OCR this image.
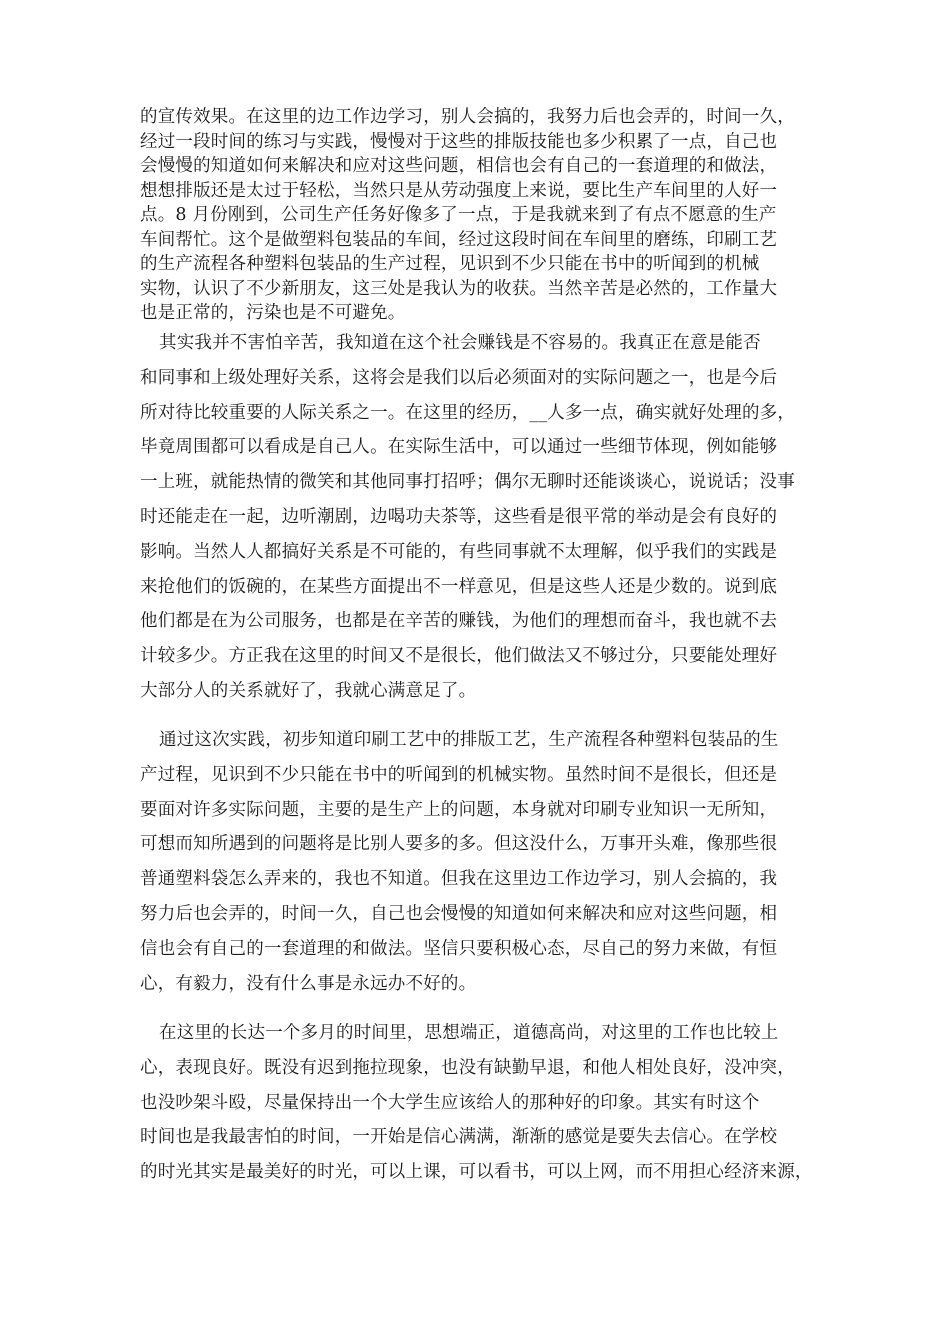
的宣传效果。在这里的边工作边学习，别人会搞的，我努力后也会弄的，时间一久，
经过一段时间的练习与实践，慢慢对于这些的排版技能也多少积累了一点，自己也
会慢慢的知道如何来解决和应对这些问题，相信也会有自己的一套道理的和做法，
想想排版还是太过于轻松，当然只是从劳动强度上来说，要比生产车间里的人好一
点。8 月份刚到，公司生产任务好像多了一点，于是我就来到了有点不愿意的生产
车间帮忙。这个是做塑料包装品的车间，经过这段时间在车间里的磨练，印刷工艺
的生产流程各种塑料包装品的生产过程，见识到不少只能在书中的听闻到的机械
实物，认识了不少新朋友，这三处是我认为的收获。当然辛苦是必然的，工作量大
也是正常的，污染也是不可避免。
其实我并不害怕辛苦，我知道在这个社会赚钱是不容易的。我真正在意是能否
和同事和上级处理好关系，这将会是我们以后必须面对的实际问题之一，也是今后
所对待比较重要的人际关系之一。在这里的经历，__人多一点，确实就好处理的多，
毕竟周围都可以看成是自己人。在实际生活中，可以通过一些细节体现，例如能够
一上班，就能热情的微笑和其他同事打招呼；偶尔无聊时还能谈谈心，说说话；没事
时还能走在一起，边听潮剧，边喝功夫茶等，这些看是很平常的举动是会有良好的
影响。当然人人都搞好关系是不可能的，有些同事就不太理解，似乎我们的实践是
来抢他们的饭碗的，在某些方面提出不一样意见，但是这些人还是少数的。说到底
他们都是在为公司服务，也都是在辛苦的赚钱，为他们的理想而奋斗，我也就不去
计较多少。方正我在这里的时间又不是很长，他们做法又不够过分，只要能处理好
大部分人的关系就好了，我就心满意足了。
通过这次实践，初步知道印刷工艺中的排版工艺，生产流程各种塑料包装品的生
产过程，见识到不少只能在书中的听闻到的机械实物。虽然时间不是很长，但还是
要面对许多实际问题，主要的是生产上的问题，本身就对印刷专业知识一无所知，
可想而知所遇到的问题将是比别人要多的多。但这没什么，万事开头难，像那些很
普通塑料袋怎么弄来的，我也不知道。但我在这里边工作边学习，别人会搞的，我
努力后也会弄的，时间一久，自己也会慢慢的知道如何来解决和应对这些问题，相
信也会有自己的一套道理的和做法。坚信只要积极心态，尽自己的努力来做，有恒
心，有毅力，没有什么事是永远办不好的。
在这里的长达一个多月的时间里，思想端正，道德高尚，对这里的工作也比较上
心，表现良好。既没有迟到拖拉现象，也没有缺勤早退，和他人相处良好，没冲突，
也没吵架斗殴，尽量保持出一个大学生应该给人的那种好的印象。其实有时这个
时间也是我最害怕的时间，一开始是信心满满，渐渐的感觉是要失去信心。在学校
的时光其实是最美好的时光，可以上课，可以看书，可以上网，而不用担心经济来源，
